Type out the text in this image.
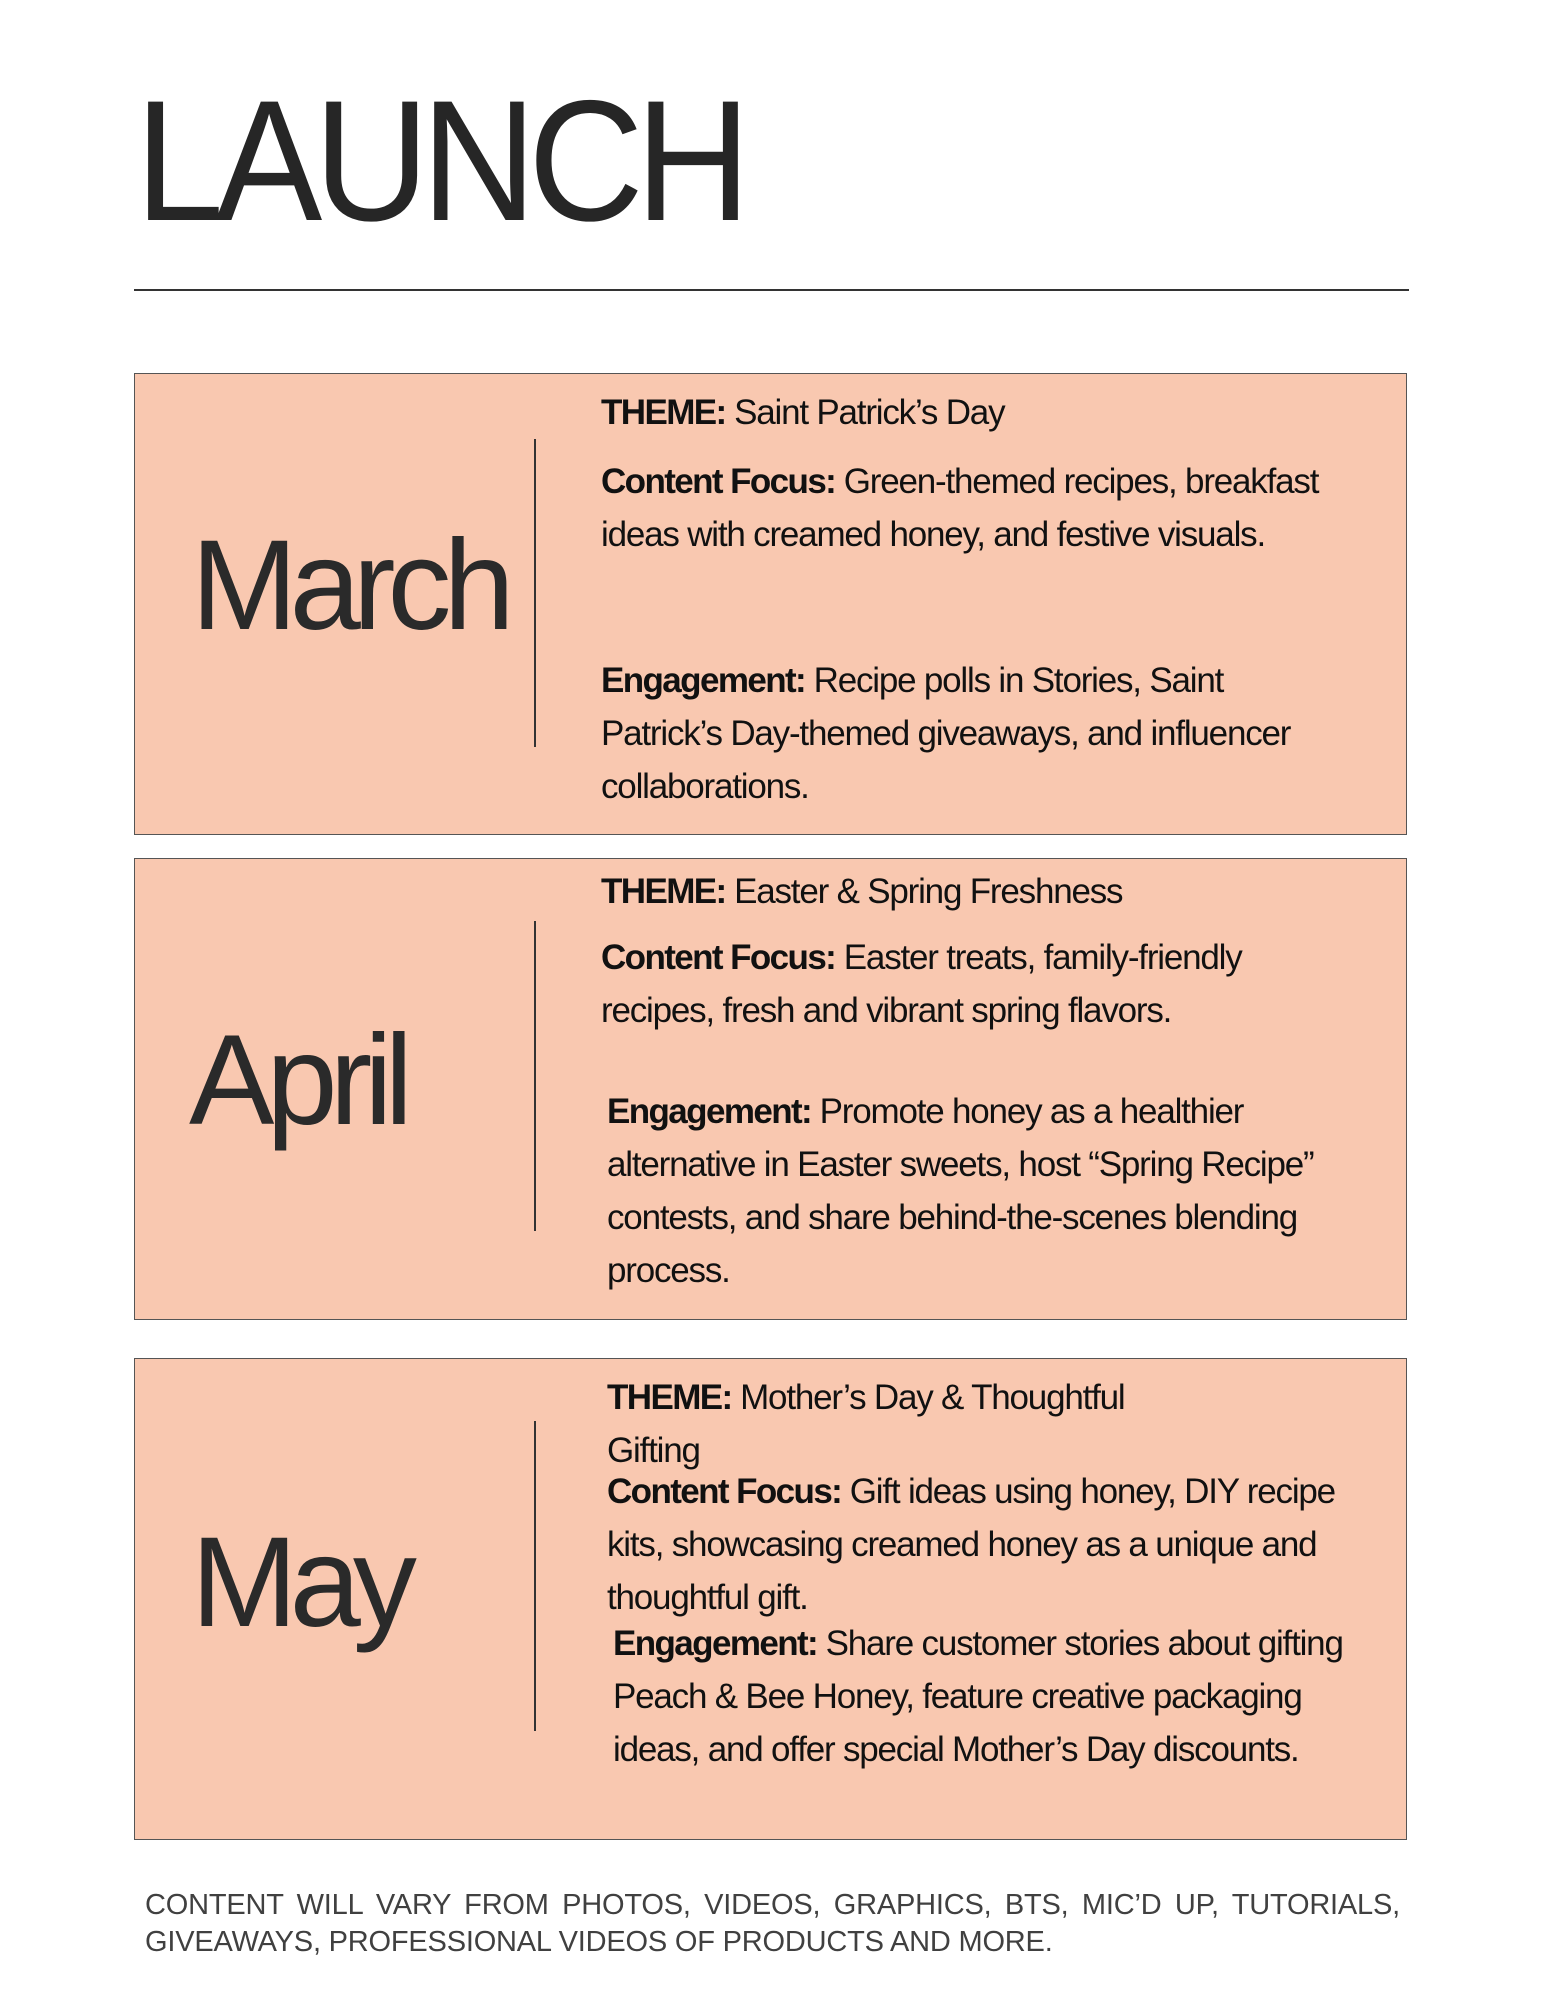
LAUNCH
March
THEME: Saint Patrick’s Day

Content Focus: Green-themed recipes, breakfast ideas with creamed honey, and festive visuals.

Engagement: Recipe polls in Stories, Saint Patrick’s Day-themed giveaways, and influencer collaborations.

April
THEME: Easter & Spring Freshness

Content Focus: Easter treats, family-friendly recipes, fresh and vibrant spring flavors.

Engagement: Promote honey as a healthier alternative in Easter sweets, host “Spring Recipe” contests, and share behind-the-scenes blending process.

May
THEME: Mother’s Day & Thoughtful Gifting

Content Focus: Gift ideas using honey, DIY recipe kits, showcasing creamed honey as a unique and thoughtful gift.

Engagement: Share customer stories about gifting Peach & Bee Honey, feature creative packaging ideas, and offer special Mother’s Day discounts.

CONTENT WILL VARY FROM PHOTOS, VIDEOS, GRAPHICS, BTS, MIC’D UP, TUTORIALS, GIVEAWAYS, PROFESSIONAL VIDEOS OF PRODUCTS AND MORE.
